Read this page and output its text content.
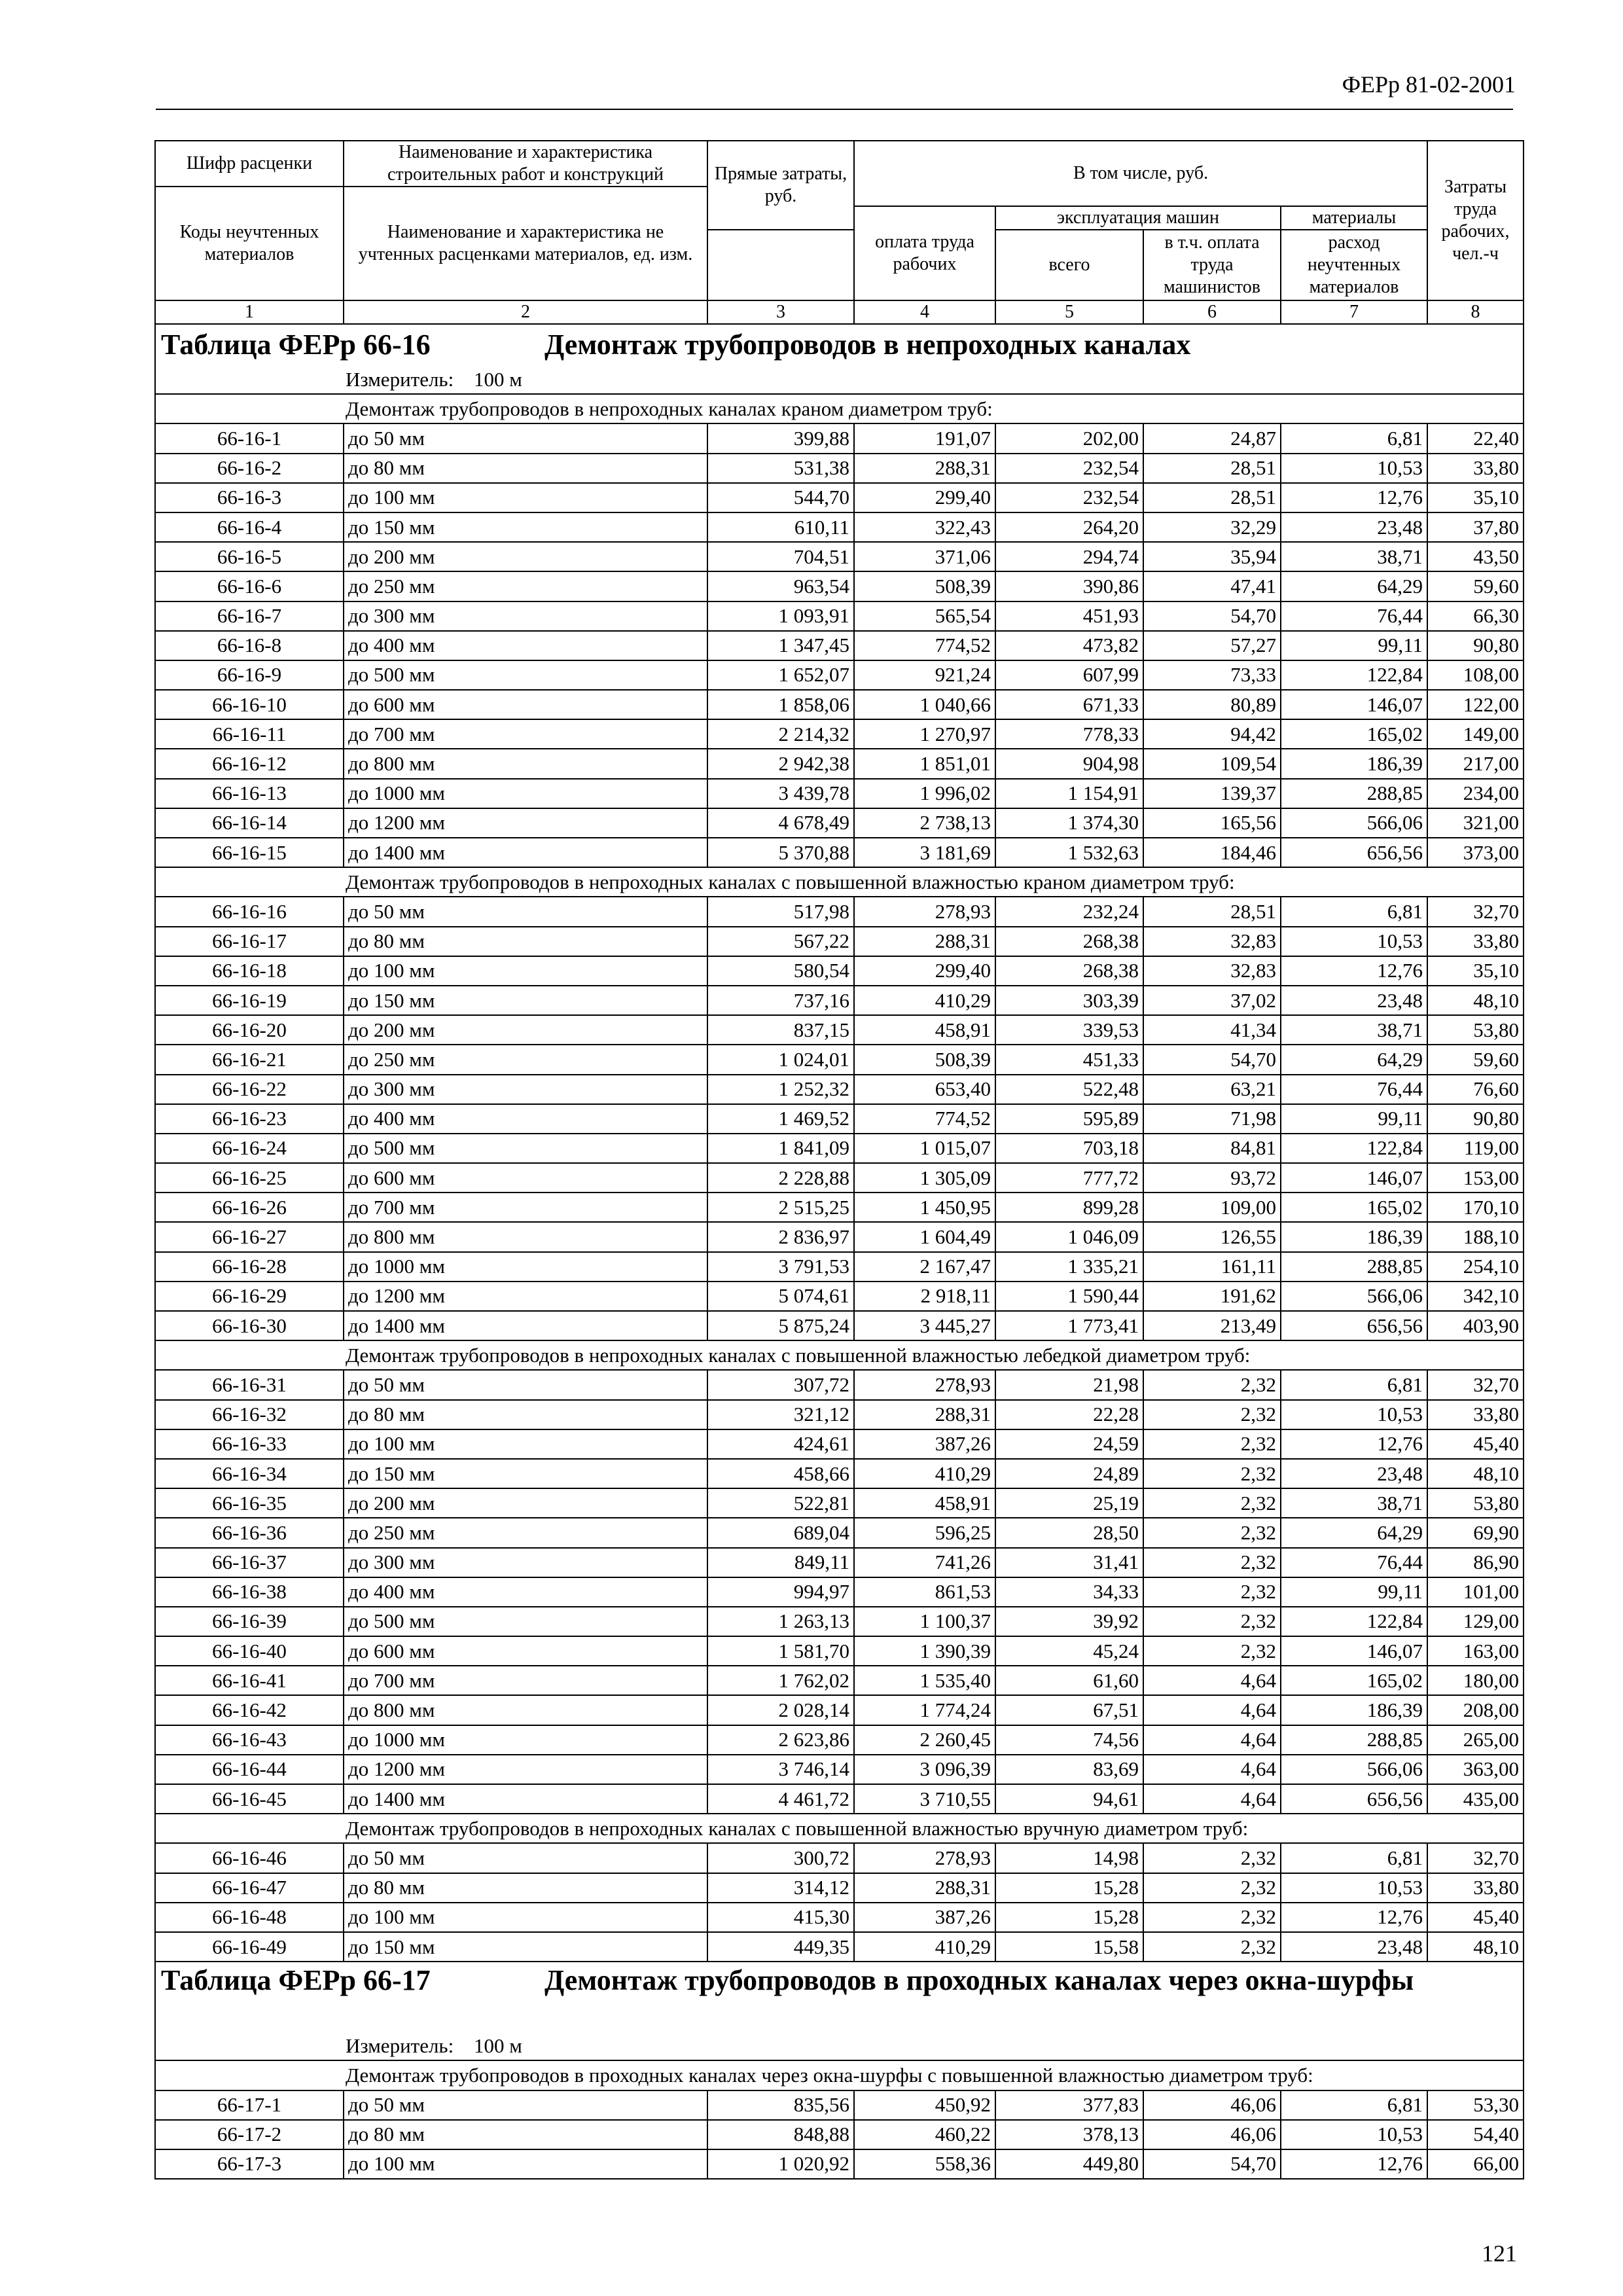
ФЕРр 81-02-2001
Шифр расценки	Наименование и характеристика строительных работ и конструкций	Прямые затраты, руб.	В том числе, руб.				Затраты труда рабочих, чел.-ч
Коды неучтенных материалов	Наименование и характеристика не учтенных расценками материалов, ед. изм.						
			оплата труда рабочих	эксплуатация машин		материалы	
				всего	в т.ч. оплата труда машинистов	расход неучтенных материалов	
1	2	3	4	5	6	7	8
Таблица ФЕРр 66-16 Демонтаж трубопроводов в непроходных каналах							
Измеритель: 100 м							
Демонтаж трубопроводов в непроходных каналах краном диаметром труб:							
66-16-1	до 50 мм	399,88	191,07	202,00	24,87	6,81	22,40
66-16-2	до 80 мм	531,38	288,31	232,54	28,51	10,53	33,80
66-16-3	до 100 мм	544,70	299,40	232,54	28,51	12,76	35,10
66-16-4	до 150 мм	610,11	322,43	264,20	32,29	23,48	37,80
66-16-5	до 200 мм	704,51	371,06	294,74	35,94	38,71	43,50
66-16-6	до 250 мм	963,54	508,39	390,86	47,41	64,29	59,60
66-16-7	до 300 мм	1 093,91	565,54	451,93	54,70	76,44	66,30
66-16-8	до 400 мм	1 347,45	774,52	473,82	57,27	99,11	90,80
66-16-9	до 500 мм	1 652,07	921,24	607,99	73,33	122,84	108,00
66-16-10	до 600 мм	1 858,06	1 040,66	671,33	80,89	146,07	122,00
66-16-11	до 700 мм	2 214,32	1 270,97	778,33	94,42	165,02	149,00
66-16-12	до 800 мм	2 942,38	1 851,01	904,98	109,54	186,39	217,00
66-16-13	до 1000 мм	3 439,78	1 996,02	1 154,91	139,37	288,85	234,00
66-16-14	до 1200 мм	4 678,49	2 738,13	1 374,30	165,56	566,06	321,00
66-16-15	до 1400 мм	5 370,88	3 181,69	1 532,63	184,46	656,56	373,00
Демонтаж трубопроводов в непроходных каналах с повышенной влажностью краном диаметром труб:							
66-16-16	до 50 мм	517,98	278,93	232,24	28,51	6,81	32,70
66-16-17	до 80 мм	567,22	288,31	268,38	32,83	10,53	33,80
66-16-18	до 100 мм	580,54	299,40	268,38	32,83	12,76	35,10
66-16-19	до 150 мм	737,16	410,29	303,39	37,02	23,48	48,10
66-16-20	до 200 мм	837,15	458,91	339,53	41,34	38,71	53,80
66-16-21	до 250 мм	1 024,01	508,39	451,33	54,70	64,29	59,60
66-16-22	до 300 мм	1 252,32	653,40	522,48	63,21	76,44	76,60
66-16-23	до 400 мм	1 469,52	774,52	595,89	71,98	99,11	90,80
66-16-24	до 500 мм	1 841,09	1 015,07	703,18	84,81	122,84	119,00
66-16-25	до 600 мм	2 228,88	1 305,09	777,72	93,72	146,07	153,00
66-16-26	до 700 мм	2 515,25	1 450,95	899,28	109,00	165,02	170,10
66-16-27	до 800 мм	2 836,97	1 604,49	1 046,09	126,55	186,39	188,10
66-16-28	до 1000 мм	3 791,53	2 167,47	1 335,21	161,11	288,85	254,10
66-16-29	до 1200 мм	5 074,61	2 918,11	1 590,44	191,62	566,06	342,10
66-16-30	до 1400 мм	5 875,24	3 445,27	1 773,41	213,49	656,56	403,90
Демонтаж трубопроводов в непроходных каналах с повышенной влажностью лебедкой диаметром труб:							
66-16-31	до 50 мм	307,72	278,93	21,98	2,32	6,81	32,70
66-16-32	до 80 мм	321,12	288,31	22,28	2,32	10,53	33,80
66-16-33	до 100 мм	424,61	387,26	24,59	2,32	12,76	45,40
66-16-34	до 150 мм	458,66	410,29	24,89	2,32	23,48	48,10
66-16-35	до 200 мм	522,81	458,91	25,19	2,32	38,71	53,80
66-16-36	до 250 мм	689,04	596,25	28,50	2,32	64,29	69,90
66-16-37	до 300 мм	849,11	741,26	31,41	2,32	76,44	86,90
66-16-38	до 400 мм	994,97	861,53	34,33	2,32	99,11	101,00
66-16-39	до 500 мм	1 263,13	1 100,37	39,92	2,32	122,84	129,00
66-16-40	до 600 мм	1 581,70	1 390,39	45,24	2,32	146,07	163,00
66-16-41	до 700 мм	1 762,02	1 535,40	61,60	4,64	165,02	180,00
66-16-42	до 800 мм	2 028,14	1 774,24	67,51	4,64	186,39	208,00
66-16-43	до 1000 мм	2 623,86	2 260,45	74,56	4,64	288,85	265,00
66-16-44	до 1200 мм	3 746,14	3 096,39	83,69	4,64	566,06	363,00
66-16-45	до 1400 мм	4 461,72	3 710,55	94,61	4,64	656,56	435,00
Демонтаж трубопроводов в непроходных каналах с повышенной влажностью вручную диаметром труб:							
66-16-46	до 50 мм	300,72	278,93	14,98	2,32	6,81	32,70
66-16-47	до 80 мм	314,12	288,31	15,28	2,32	10,53	33,80
66-16-48	до 100 мм	415,30	387,26	15,28	2,32	12,76	45,40
66-16-49	до 150 мм	449,35	410,29	15,58	2,32	23,48	48,10
Таблица ФЕРр 66-17 Демонтаж трубопроводов в проходных каналах через окна-шурфы							
Измеритель: 100 м							
Демонтаж трубопроводов в проходных каналах через окна-шурфы с повышенной влажностью диаметром труб:							
66-17-1	до 50 мм	835,56	450,92	377,83	46,06	6,81	53,30
66-17-2	до 80 мм	848,88	460,22	378,13	46,06	10,53	54,40
66-17-3	до 100 мм	1 020,92	558,36	449,80	54,70	12,76	66,00
121
